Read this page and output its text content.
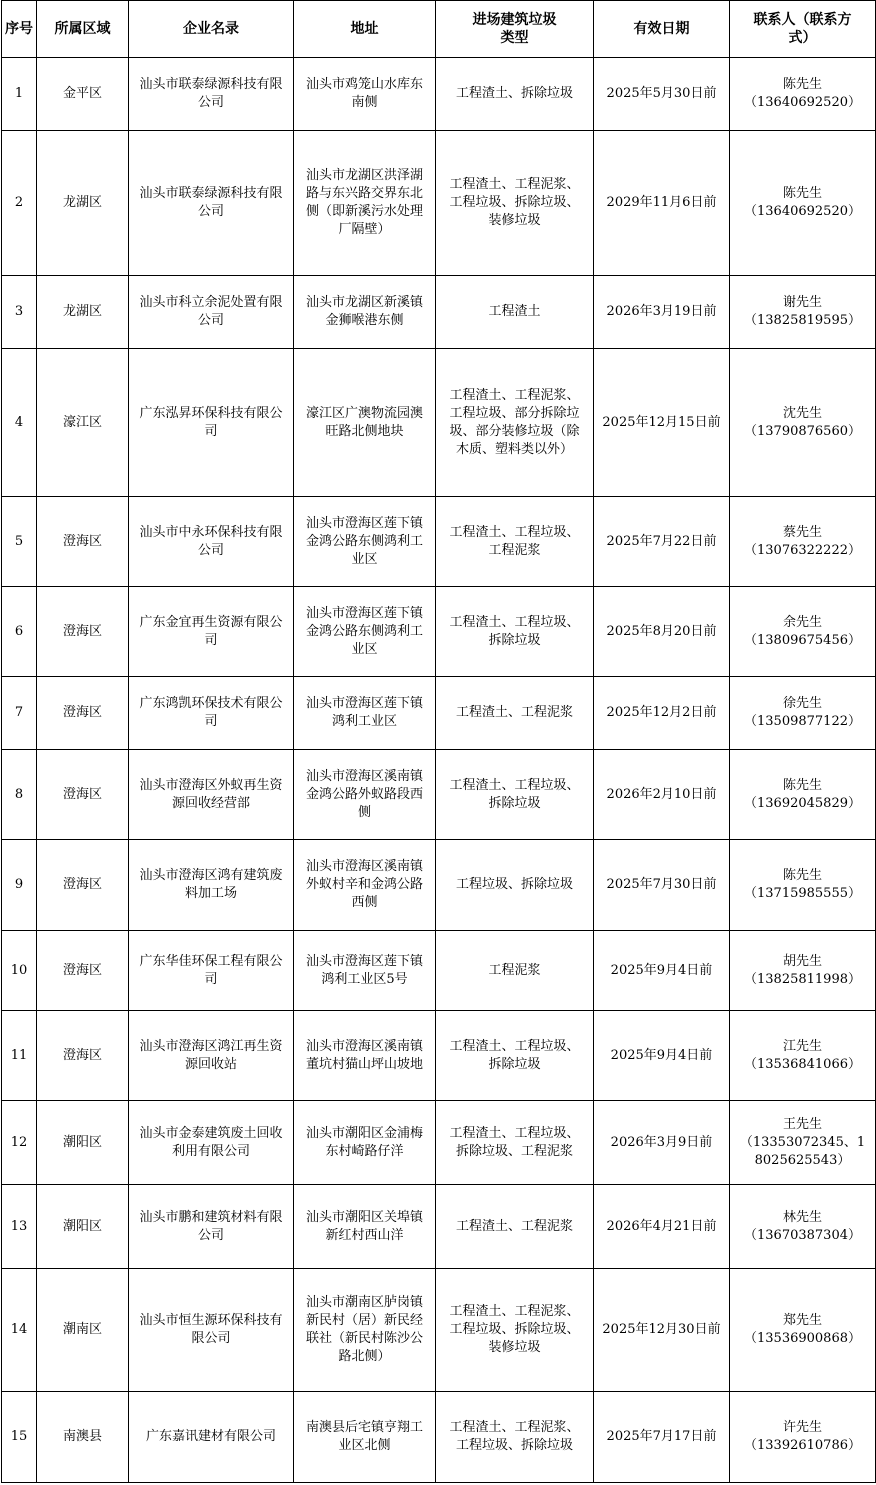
序号	所属区域	企业名录	地址	进场建筑垃圾类型	有效日期	联系人（联系方式）
1	金平区	汕头市联泰绿源科技有限公司	汕头市鸡笼山水库东南侧	工程渣土、拆除垃圾	2025年5月30日前	陈先生
（13640692520）

2	龙湖区	汕头市联泰绿源科技有限公司	汕头市龙湖区洪泽湖路与东兴路交界东北侧（即新溪污水处理厂隔壁）	工程渣土、工程泥浆、工程垃圾、拆除垃圾、装修垃圾	2029年11月6日前	陈先生
（13640692520）

3	龙湖区	汕头市科立余泥处置有限公司	汕头市龙湖区新溪镇金狮喉港东侧	工程渣土	2026年3月19日前	谢先生
（13825819595）

4	濠江区	广东泓昇环保科技有限公司	濠江区广澳物流园澳旺路北侧地块	工程渣土、工程泥浆、工程垃圾、部分拆除垃圾、部分装修垃圾（除木质、塑料类以外）	2025年12月15日前	沈先生
（13790876560）

5	澄海区	汕头市中永环保科技有限公司	汕头市澄海区莲下镇金鸿公路东侧鸿利工业区	工程渣土、工程垃圾、工程泥浆	2025年7月22日前	蔡先生
（13076322222）

6	澄海区	广东金宜再生资源有限公司	汕头市澄海区莲下镇金鸿公路东侧鸿利工业区	工程渣土、工程垃圾、拆除垃圾	2025年8月20日前	余先生
（13809675456）

7	澄海区	广东鸿凯环保技术有限公司	汕头市澄海区莲下镇鸿利工业区	工程渣土、工程泥浆	2025年12月2日前	徐先生
（13509877122）

8	澄海区	汕头市澄海区外蚁再生资源回收经营部	汕头市澄海区溪南镇金鸿公路外蚁路段西侧	工程渣土、工程垃圾、拆除垃圾	2026年2月10日前	陈先生
（13692045829）

9	澄海区	汕头市澄海区鸿有建筑废料加工场	汕头市澄海区溪南镇外蚁村辛和金鸿公路西侧	工程垃圾、拆除垃圾	2025年7月30日前	陈先生
（13715985555）

10	澄海区	广东华佳环保工程有限公司	汕头市澄海区莲下镇鸿利工业区5号	工程泥浆	2025年9月4日前	胡先生
（13825811998）

11	澄海区	汕头市澄海区鸿江再生资源回收站	汕头市澄海区溪南镇董坑村猫山坪山坡地	工程渣土、工程垃圾、拆除垃圾	2025年9月4日前	江先生
（13536841066）

12	潮阳区	汕头市金泰建筑废土回收利用有限公司	汕头市潮阳区金浦梅东村崎路仔洋	工程渣土、工程垃圾、拆除垃圾、工程泥浆	2026年3月9日前	王先生
（13353072345、18025625543）

13	潮阳区	汕头市鹏和建筑材料有限公司	汕头市潮阳区关埠镇新红村西山洋	工程渣土、工程泥浆	2026年4月21日前	林先生
（13670387304）

14	潮南区	汕头市恒生源环保科技有限公司	汕头市潮南区胪岗镇新民村（居）新民经联社（新民村陈沙公路北侧）	工程渣土、工程泥浆、工程垃圾、拆除垃圾、装修垃圾	2025年12月30日前	郑先生
（13536900868）

15	南澳县	广东嘉讯建材有限公司	南澳县后宅镇亨翔工业区北侧	工程渣土、工程泥浆、工程垃圾、拆除垃圾	2025年7月17日前	许先生
（13392610786）
